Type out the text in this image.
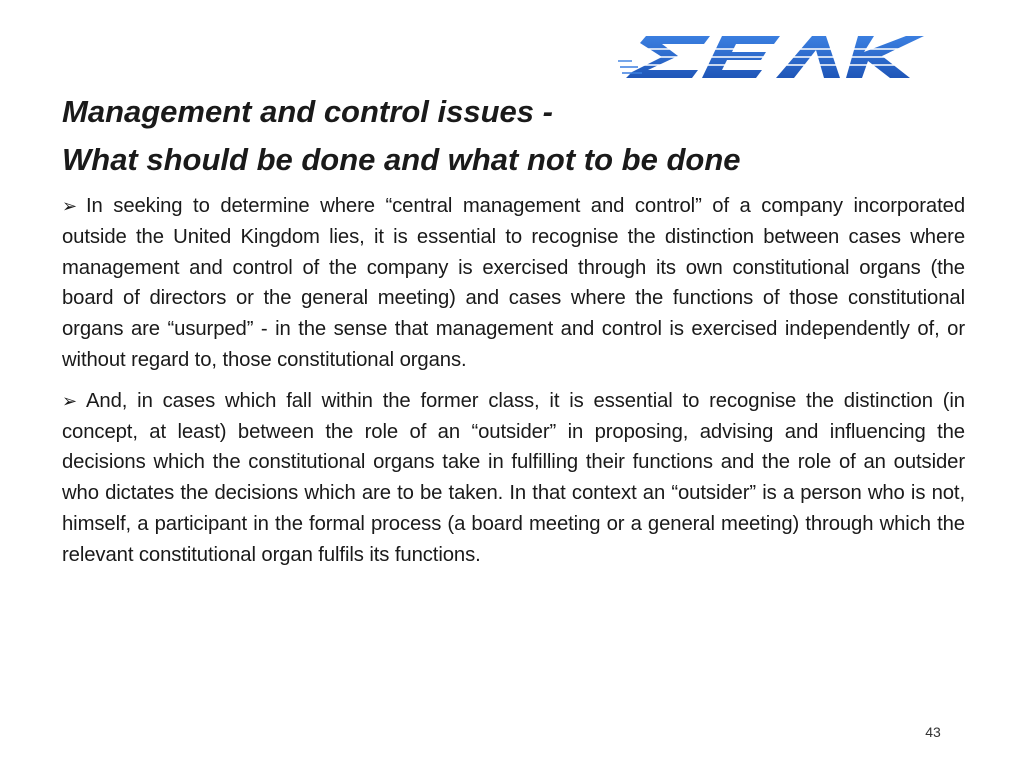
Management and control issues -
What should be done and what not to be done

➢ In seeking to determine where “central management and control” of a company incorporated outside the United Kingdom lies, it is essential to recognise the distinction between cases where management and control of the company is exercised through its own constitutional organs (the board of directors or the general meeting) and cases where the functions of those constitutional organs are “usurped” - in the sense that management and control is exercised independently of, or without regard to, those constitutional organs.

➢ And, in cases which fall within the former class, it is essential to recognise the distinction (in concept, at least) between the role of an “outsider” in proposing, advising and influencing the decisions which the constitutional organs take in fulfilling their functions and the role of an outsider who dictates the decisions which are to be taken. In that context an “outsider” is a person who is not, himself, a participant in the formal process (a board meeting or a general meeting) through which the relevant constitutional organ fulfils its functions.

43
